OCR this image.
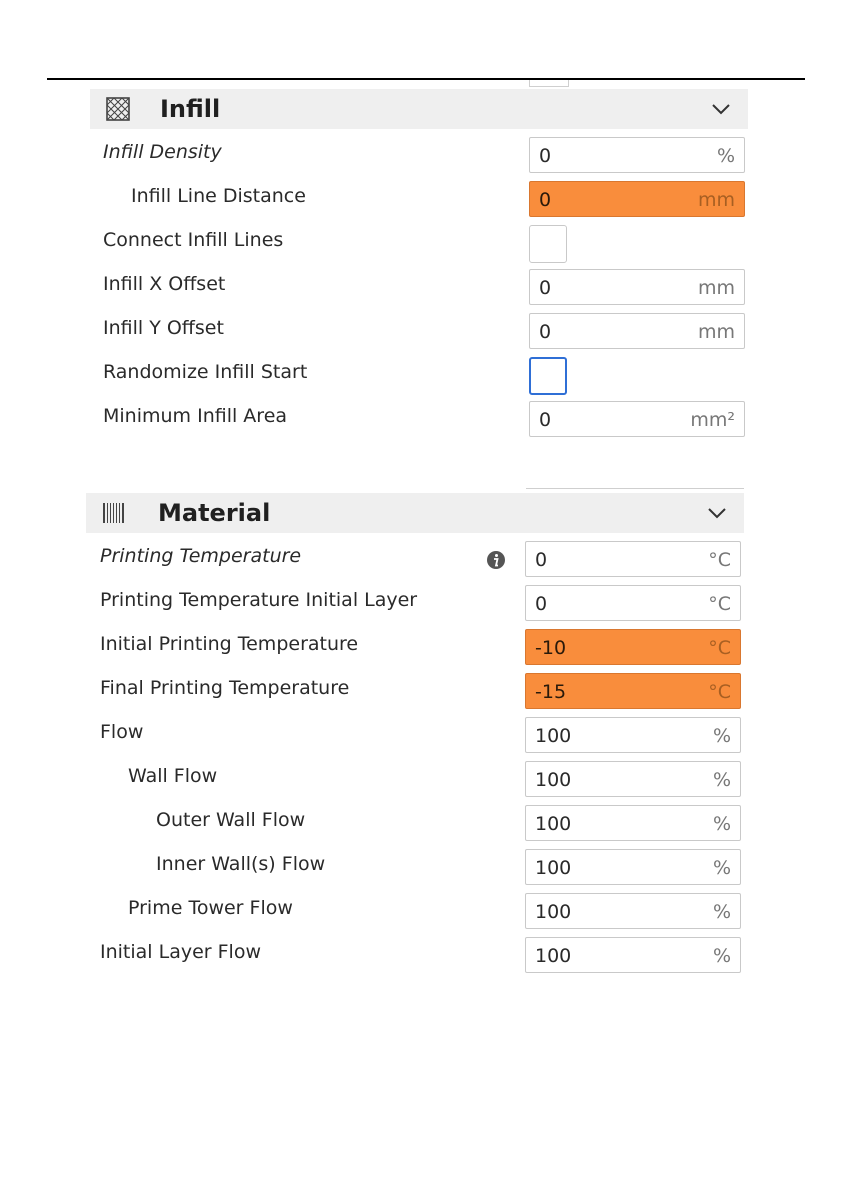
Infill
Infill Density	0	%
Infill Line Distance	0	mm
Connect Infill Lines
Infill X Offset	0	mm
Infill Y Offset	0	mm
Randomize Infill Start
Minimum Infill Area	0	mm²
Material
Printing Temperature	0	°C
Printing Temperature Initial Layer	0	°C
Initial Printing Temperature	-10	°C
Final Printing Temperature	-15	°C
Flow	100	%
Wall Flow	100	%
Outer Wall Flow	100	%
Inner Wall(s) Flow	100	%
Prime Tower Flow	100	%
Initial Layer Flow	100	%
